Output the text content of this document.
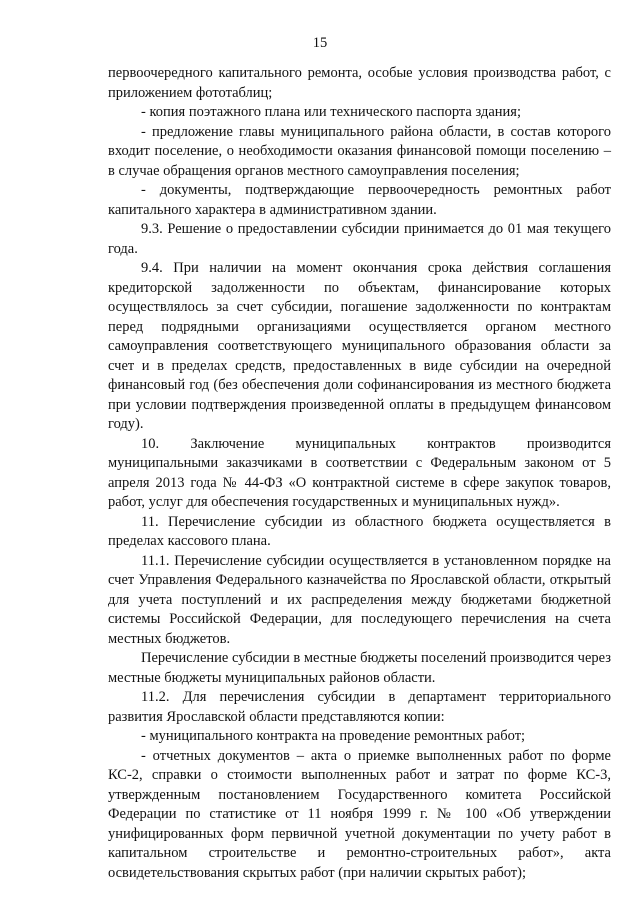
15

первоочередного капитального ремонта, особые условия производства работ, с приложением фототаблиц;

- копия поэтажного плана или технического паспорта здания;

- предложение главы муниципального района области, в состав которого входит поселение, о необходимости оказания финансовой помощи поселению – в случае обращения органов местного самоуправления поселения;

- документы, подтверждающие первоочередность ремонтных работ капитального характера в административном здании.

9.3. Решение о предоставлении субсидии принимается до 01 мая текущего года.

9.4. При наличии на момент окончания срока действия соглашения кредиторской задолженности по объектам, финансирование которых осуществлялось за счет субсидии, погашение задолженности по контрактам перед подрядными организациями осуществляется органом местного самоуправления соответствующего муниципального образования области за счет и в пределах средств, предоставленных в виде субсидии на очередной финансовый год (без обеспечения доли софинансирования из местного бюджета при условии подтверждения произведенной оплаты в предыдущем финансовом году).

10. Заключение муниципальных контрактов производится муниципальными заказчиками в соответствии с Федеральным законом от 5 апреля 2013 года № 44-ФЗ «О контрактной системе в сфере закупок товаров, работ, услуг для обеспечения государственных и муниципальных нужд».

11. Перечисление субсидии из областного бюджета осуществляется в пределах кассового плана.

11.1. Перечисление субсидии осуществляется в установленном порядке на счет Управления Федерального казначейства по Ярославской области, открытый для учета поступлений и их распределения между бюджетами бюджетной системы Российской Федерации, для последующего перечисления на счета местных бюджетов.

Перечисление субсидии в местные бюджеты поселений производится через местные бюджеты муниципальных районов области.

11.2. Для перечисления субсидии в департамент территориального развития Ярославской области представляются копии:

- муниципального контракта на проведение ремонтных работ;

- отчетных документов – акта о приемке выполненных работ по форме КС-2, справки о стоимости выполненных работ и затрат по форме КС-3, утвержденным постановлением Государственного комитета Российской Федерации по статистике от 11 ноября 1999 г. № 100 «Об утверждении унифицированных форм первичной учетной документации по учету работ в капитальном строительстве и ремонтно-строительных работ», акта освидетельствования скрытых работ (при наличии скрытых работ);
